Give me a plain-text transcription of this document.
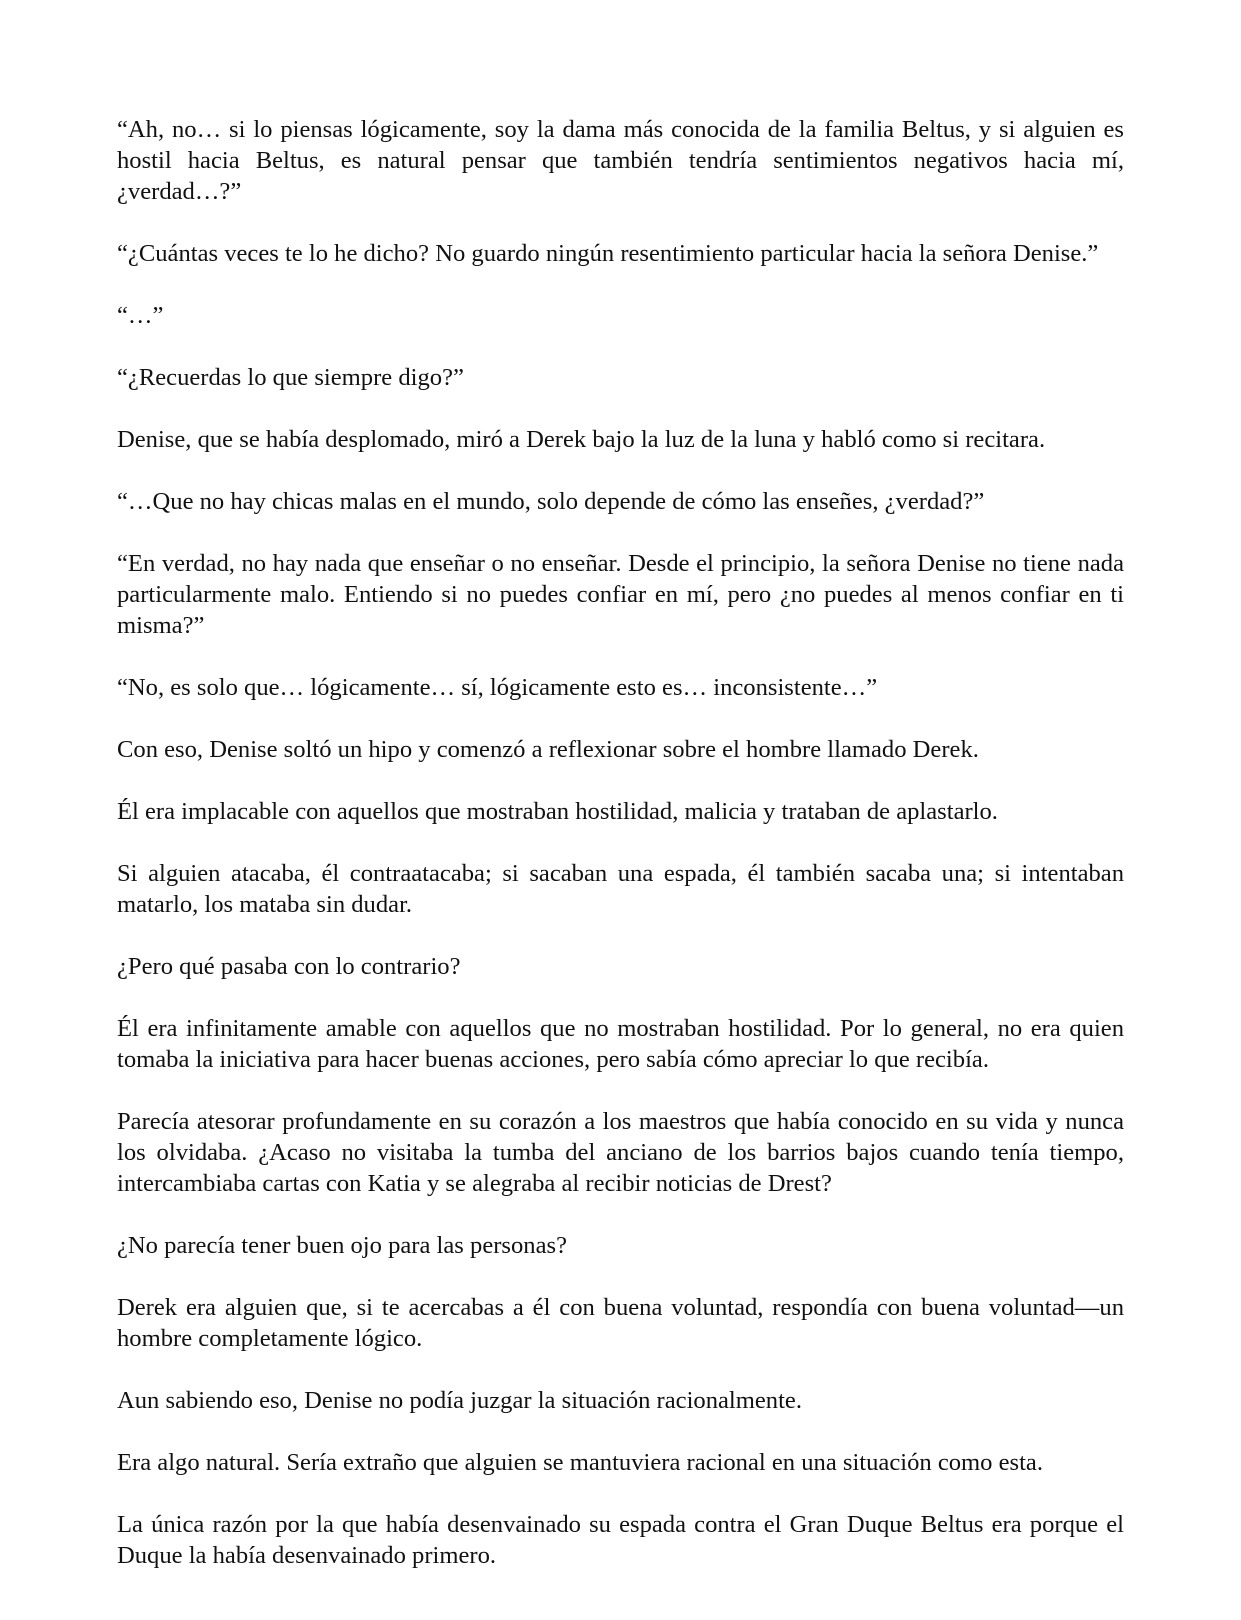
“Ah, no… si lo piensas lógicamente, soy la dama más conocida de la familia Beltus, y si alguien es hostil hacia Beltus, es natural pensar que también tendría sentimientos negativos hacia mí, ¿verdad…?”

“¿Cuántas veces te lo he dicho? No guardo ningún resentimiento particular hacia la señora Denise.”

“…”

“¿Recuerdas lo que siempre digo?”

Denise, que se había desplomado, miró a Derek bajo la luz de la luna y habló como si recitara.

“…Que no hay chicas malas en el mundo, solo depende de cómo las enseñes, ¿verdad?”

“En verdad, no hay nada que enseñar o no enseñar. Desde el principio, la señora Denise no tiene nada particularmente malo. Entiendo si no puedes confiar en mí, pero ¿no puedes al menos confiar en ti misma?”

“No, es solo que… lógicamente… sí, lógicamente esto es… inconsistente…”

Con eso, Denise soltó un hipo y comenzó a reflexionar sobre el hombre llamado Derek.

Él era implacable con aquellos que mostraban hostilidad, malicia y trataban de aplastarlo.

Si alguien atacaba, él contraatacaba; si sacaban una espada, él también sacaba una; si intentaban matarlo, los mataba sin dudar.

¿Pero qué pasaba con lo contrario?

Él era infinitamente amable con aquellos que no mostraban hostilidad. Por lo general, no era quien tomaba la iniciativa para hacer buenas acciones, pero sabía cómo apreciar lo que recibía.

Parecía atesorar profundamente en su corazón a los maestros que había conocido en su vida y nunca los olvidaba. ¿Acaso no visitaba la tumba del anciano de los barrios bajos cuando tenía tiempo, intercambiaba cartas con Katia y se alegraba al recibir noticias de Drest?

¿No parecía tener buen ojo para las personas?

Derek era alguien que, si te acercabas a él con buena voluntad, respondía con buena voluntad—un hombre completamente lógico.

Aun sabiendo eso, Denise no podía juzgar la situación racionalmente.

Era algo natural. Sería extraño que alguien se mantuviera racional en una situación como esta.

La única razón por la que había desenvainado su espada contra el Gran Duque Beltus era porque el Duque la había desenvainado primero.
